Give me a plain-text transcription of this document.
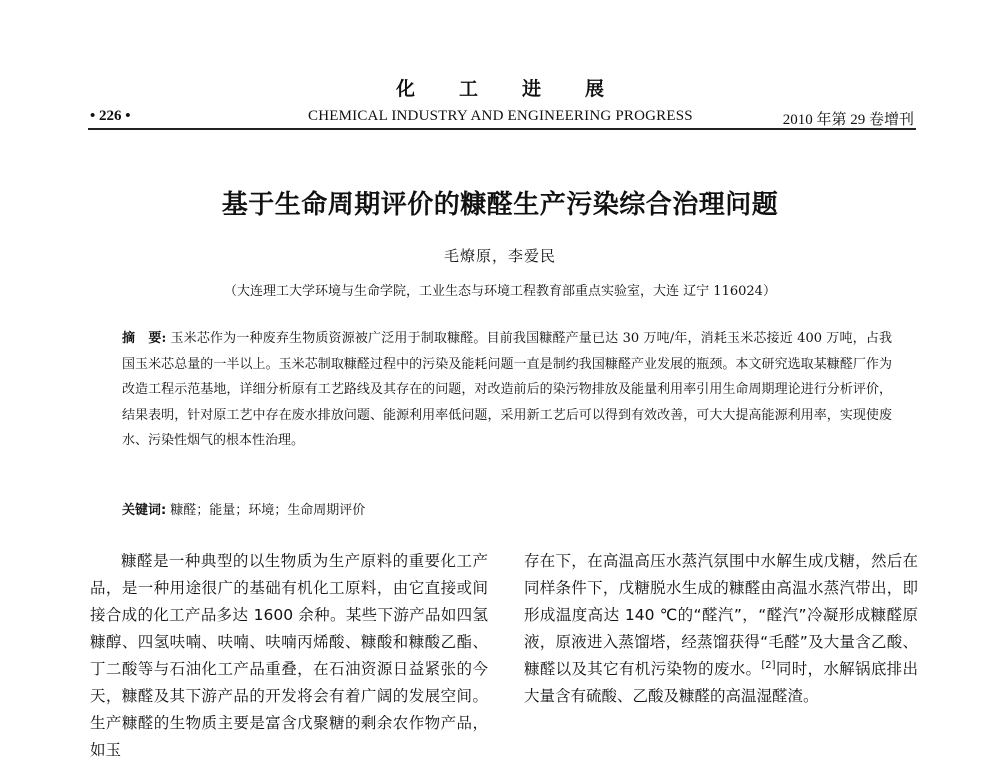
化工进展
• 226 •	CHEMICAL INDUSTRY AND ENGINEERING PROGRESS	2010 年第 29 卷增刊
基于生命周期评价的糠醛生产污染综合治理问题
毛燎原，李爱民
（大连理工大学环境与生命学院，工业生态与环境工程教育部重点实验室，大连 辽宁 116024）
摘　要: 玉米芯作为一种废弃生物质资源被广泛用于制取糠醛。目前我国糠醛产量已达 30 万吨/年，消耗玉米芯接近 400 万吨，占我国玉米芯总量的一半以上。玉米芯制取糠醛过程中的污染及能耗问题一直是制约我国糠醛产业发展的瓶颈。本文研究选取某糠醛厂作为改造工程示范基地，详细分析原有工艺路线及其存在的问题，对改造前后的染污物排放及能量利用率引用生命周期理论进行分析评价，结果表明，针对原工艺中存在废水排放问题、能源利用率低问题，采用新工艺后可以得到有效改善，可大大提高能源利用率，实现使废水、污染性烟气的根本性治理。
关键词: 糠醛；能量；环境；生命周期评价
糠醛是一种典型的以生物质为生产原料的重要化工产品，是一种用途很广的基础有机化工原料，由它直接或间接合成的化工产品多达 1600 余种。某些下游产品如四氢糠醇、四氢呋喃、呋喃、呋喃丙烯酸、糠酸和糠酸乙酯、丁二酸等与石油化工产品重叠，在石油资源日益紧张的今天，糠醛及其下游产品的开发将会有着广阔的发展空间。生产糠醛的生物质主要是富含戊聚糖的剩余农作物产品，如玉
存在下，在高温高压水蒸汽氛围中水解生成戊糖，然后在同样条件下，戊糖脱水生成的糠醛由高温水蒸汽带出，即形成温度高达 140 ℃的“醛汽”，“醛汽”冷凝形成糠醛原液，原液进入蒸馏塔，经蒸馏获得“毛醛”及大量含乙酸、糠醛以及其它有机污染物的废水。[2]同时，水解锅底排出大量含有硫酸、乙酸及糠醛的高温湿醛渣。
